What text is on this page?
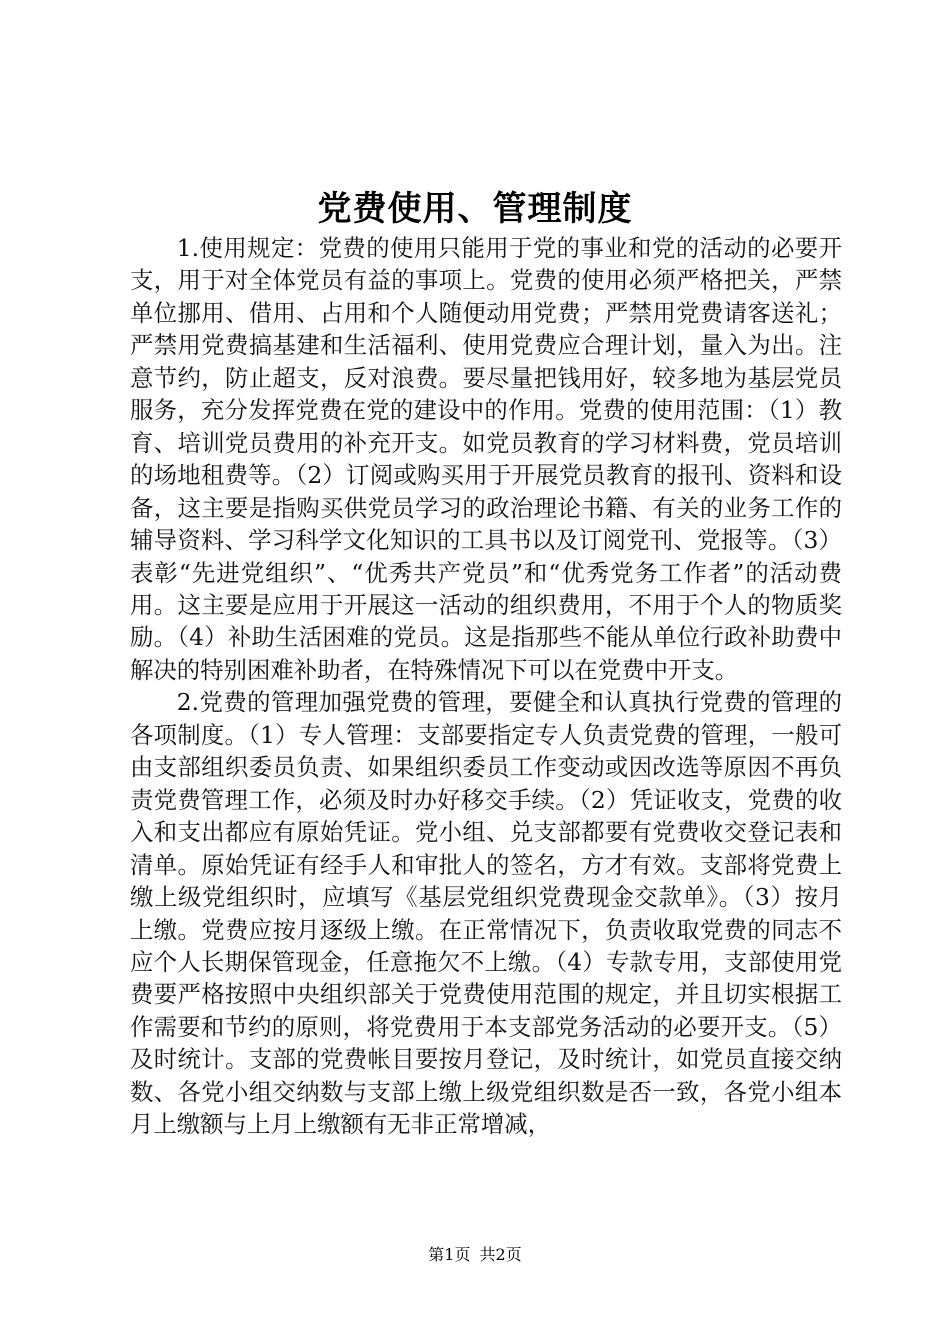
党费使用、管理制度

1.使用规定：党费的使用只能用于党的事业和党的活动的必要开支，用于对全体党员有益的事项上。党费的使用必须严格把关，严禁单位挪用、借用、占用和个人随便动用党费；严禁用党费请客送礼；严禁用党费搞基建和生活福利、使用党费应合理计划，量入为出。注意节约，防止超支，反对浪费。要尽量把钱用好，较多地为基层党员服务，充分发挥党费在党的建设中的作用。党费的使用范围：（1）教育、培训党员费用的补充开支。如党员教育的学习材料费，党员培训的场地租费等。（2）订阅或购买用于开展党员教育的报刊、资料和设备，这主要是指购买供党员学习的政治理论书籍、有关的业务工作的辅导资料、学习科学文化知识的工具书以及订阅党刊、党报等。（3）表彰“先进党组织”、“优秀共产党员”和“优秀党务工作者”的活动费用。这主要是应用于开展这一活动的组织费用，不用于个人的物质奖励。（4）补助生活困难的党员。这是指那些不能从单位行政补助费中解决的特别困难补助者，在特殊情况下可以在党费中开支。

2.党费的管理加强党费的管理，要健全和认真执行党费的管理的各项制度。（1）专人管理：支部要指定专人负责党费的管理，一般可由支部组织委员负责、如果组织委员工作变动或因改选等原因不再负责党费管理工作，必须及时办好移交手续。（2）凭证收支，党费的收入和支出都应有原始凭证。党小组、兑支部都要有党费收交登记表和清单。原始凭证有经手人和审批人的签名，方才有效。支部将党费上缴上级党组织时，应填写《基层党组织党费现金交款单》。（3）按月上缴。党费应按月逐级上缴。在正常情况下，负责收取党费的同志不应个人长期保管现金，任意拖欠不上缴。（4）专款专用，支部使用党费要严格按照中央组织部关于党费使用范围的规定，并且切实根据工作需要和节约的原则，将党费用于本支部党务活动的必要开支。（5）及时统计。支部的党费帐目要按月登记，及时统计，如党员直接交纳数、各党小组交纳数与支部上缴上级党组织数是否一致，各党小组本月上缴额与上月上缴额有无非正常增减，

第1页 共2页
